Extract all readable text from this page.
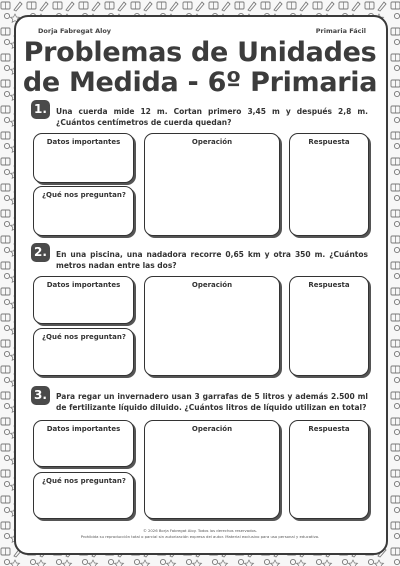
Dorja Fabregat Aloy	Primaria Fácil
Problemas de Unidades
de Medida - 6º Primaria
1.	Una cuerda mide 12 m. Cortan primero 3,45 m y después 2,8 m. ¿Cuántos centímetros de cuerda quedan?
Datos importantes
¿Qué nos preguntan?
Operación	Respuesta
2.	En una piscina, una nadadora recorre 0,65 km y otra 350 m. ¿Cuántos metros nadan entre las dos?
Datos importantes
¿Qué nos preguntan?
Operación	Respuesta
3.	Para regar un invernadero usan 3 garrafas de 5 litros y además 2.500 ml de fertilizante líquido diluido. ¿Cuántos litros de líquido utilizan en total?
Datos importantes
¿Qué nos preguntan?
Operación	Respuesta
© 2026 Borja Fabregat Aloy. Todos los derechos reservados.
Prohibida su reproducción total o parcial sin autorización expresa del autor. Material exclusivo para uso personal y educativo.
